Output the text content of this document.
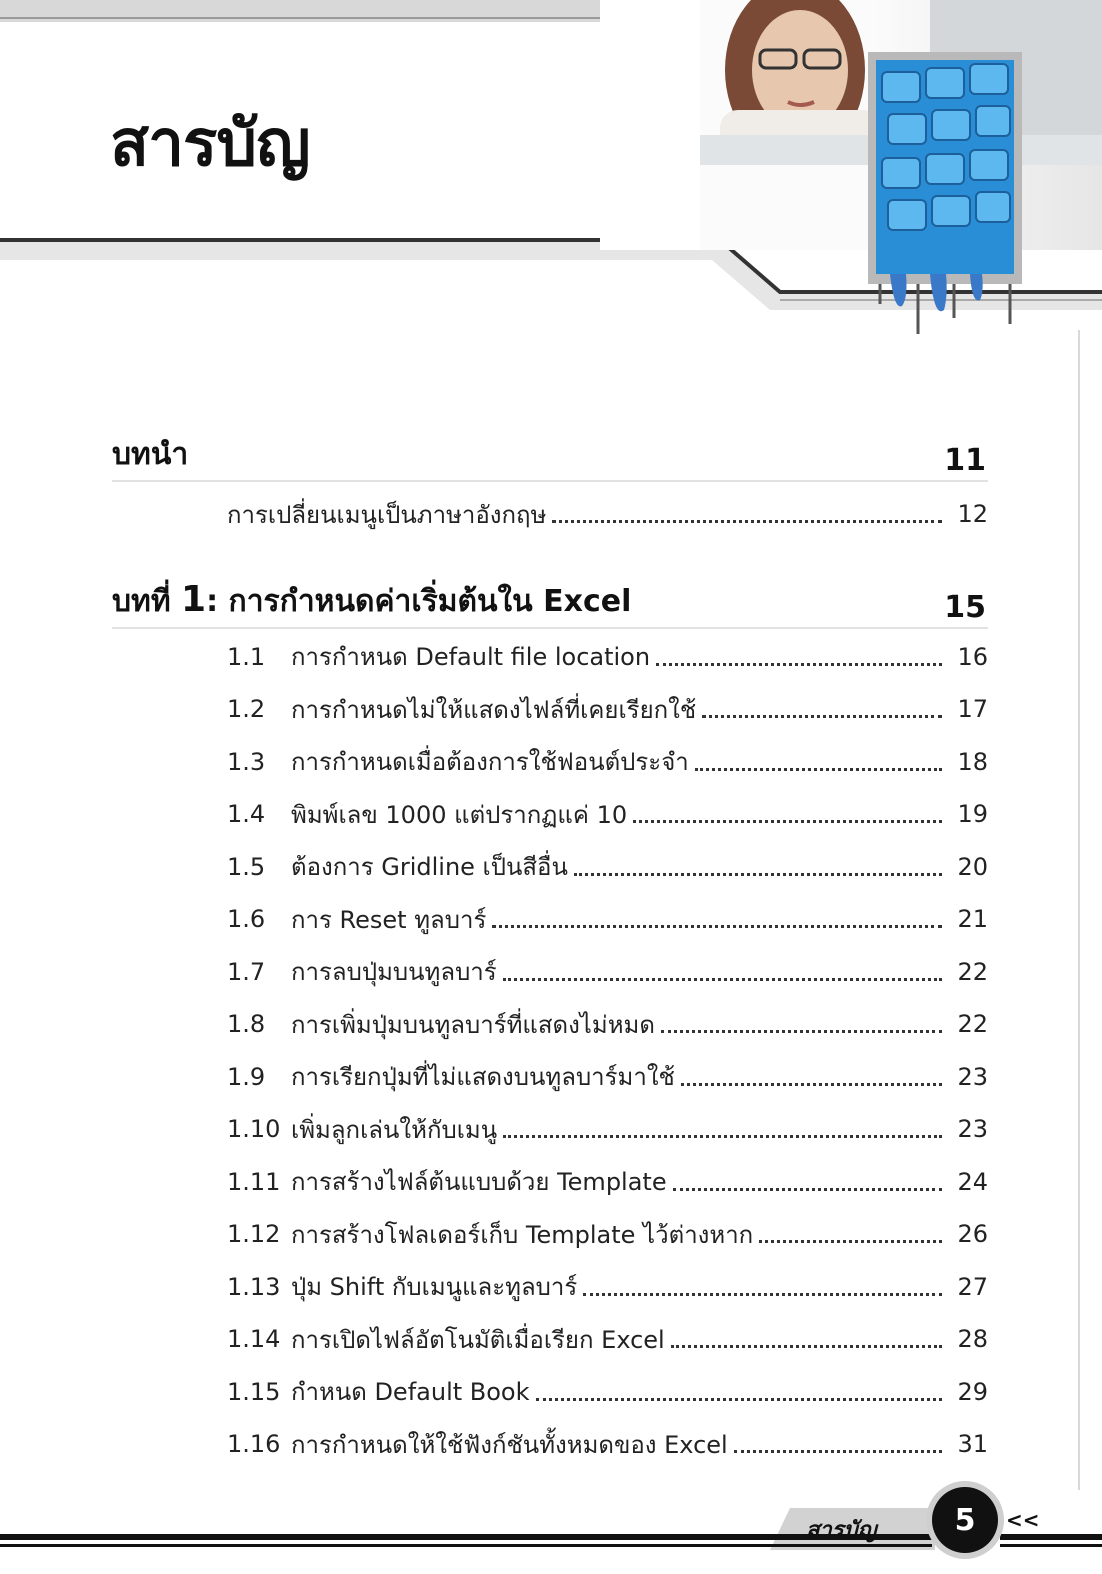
สารบัญ
บทนำ	11
การเปลี่ยนเมนูเป็นภาษาอังกฤษ	12
บทที่ 1: การกำหนดค่าเริ่มต้นใน Excel	15
1.1	การกำหนด Default file location	16
1.2	การกำหนดไม่ให้แสดงไฟล์ที่เคยเรียกใช้	17
1.3	การกำหนดเมื่อต้องการใช้ฟอนต์ประจำ	18
1.4	พิมพ์เลข 1000 แต่ปรากฏแค่ 10	19
1.5	ต้องการ Gridline เป็นสีอื่น	20
1.6	การ Reset ทูลบาร์	21
1.7	การลบปุ่มบนทูลบาร์	22
1.8	การเพิ่มปุ่มบนทูลบาร์ที่แสดงไม่หมด	22
1.9	การเรียกปุ่มที่ไม่แสดงบนทูลบาร์มาใช้	23
1.10 เพิ่มลูกเล่นให้กับเมนู	23
1.11 การสร้างไฟล์ต้นแบบด้วย Template	24
1.12 การสร้างโฟลเดอร์เก็บ Template ไว้ต่างหาก	26
1.13 ปุ่ม Shift กับเมนูและทูลบาร์	27
1.14 การเปิดไฟล์อัตโนมัติเมื่อเรียก Excel	28
1.15 กำหนด Default Book	29
1.16 การกำหนดให้ใช้ฟังก์ชันทั้งหมดของ Excel	31
สารบัญ	5	<<
